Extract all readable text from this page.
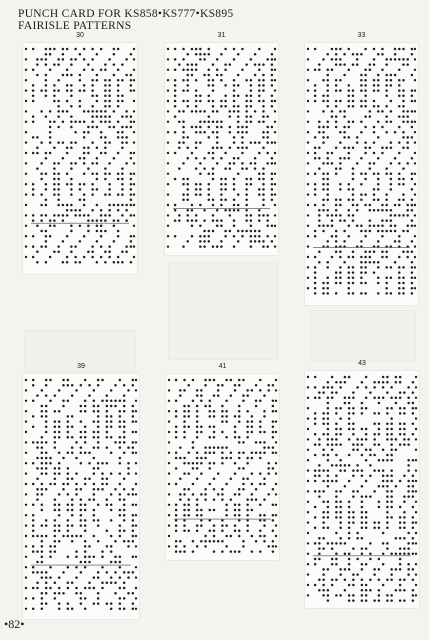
PUNCH CARD FOR KS858•KS777•KS895
FAIRISLE PATTERNS
30	31	33
39	41	43
•82•
